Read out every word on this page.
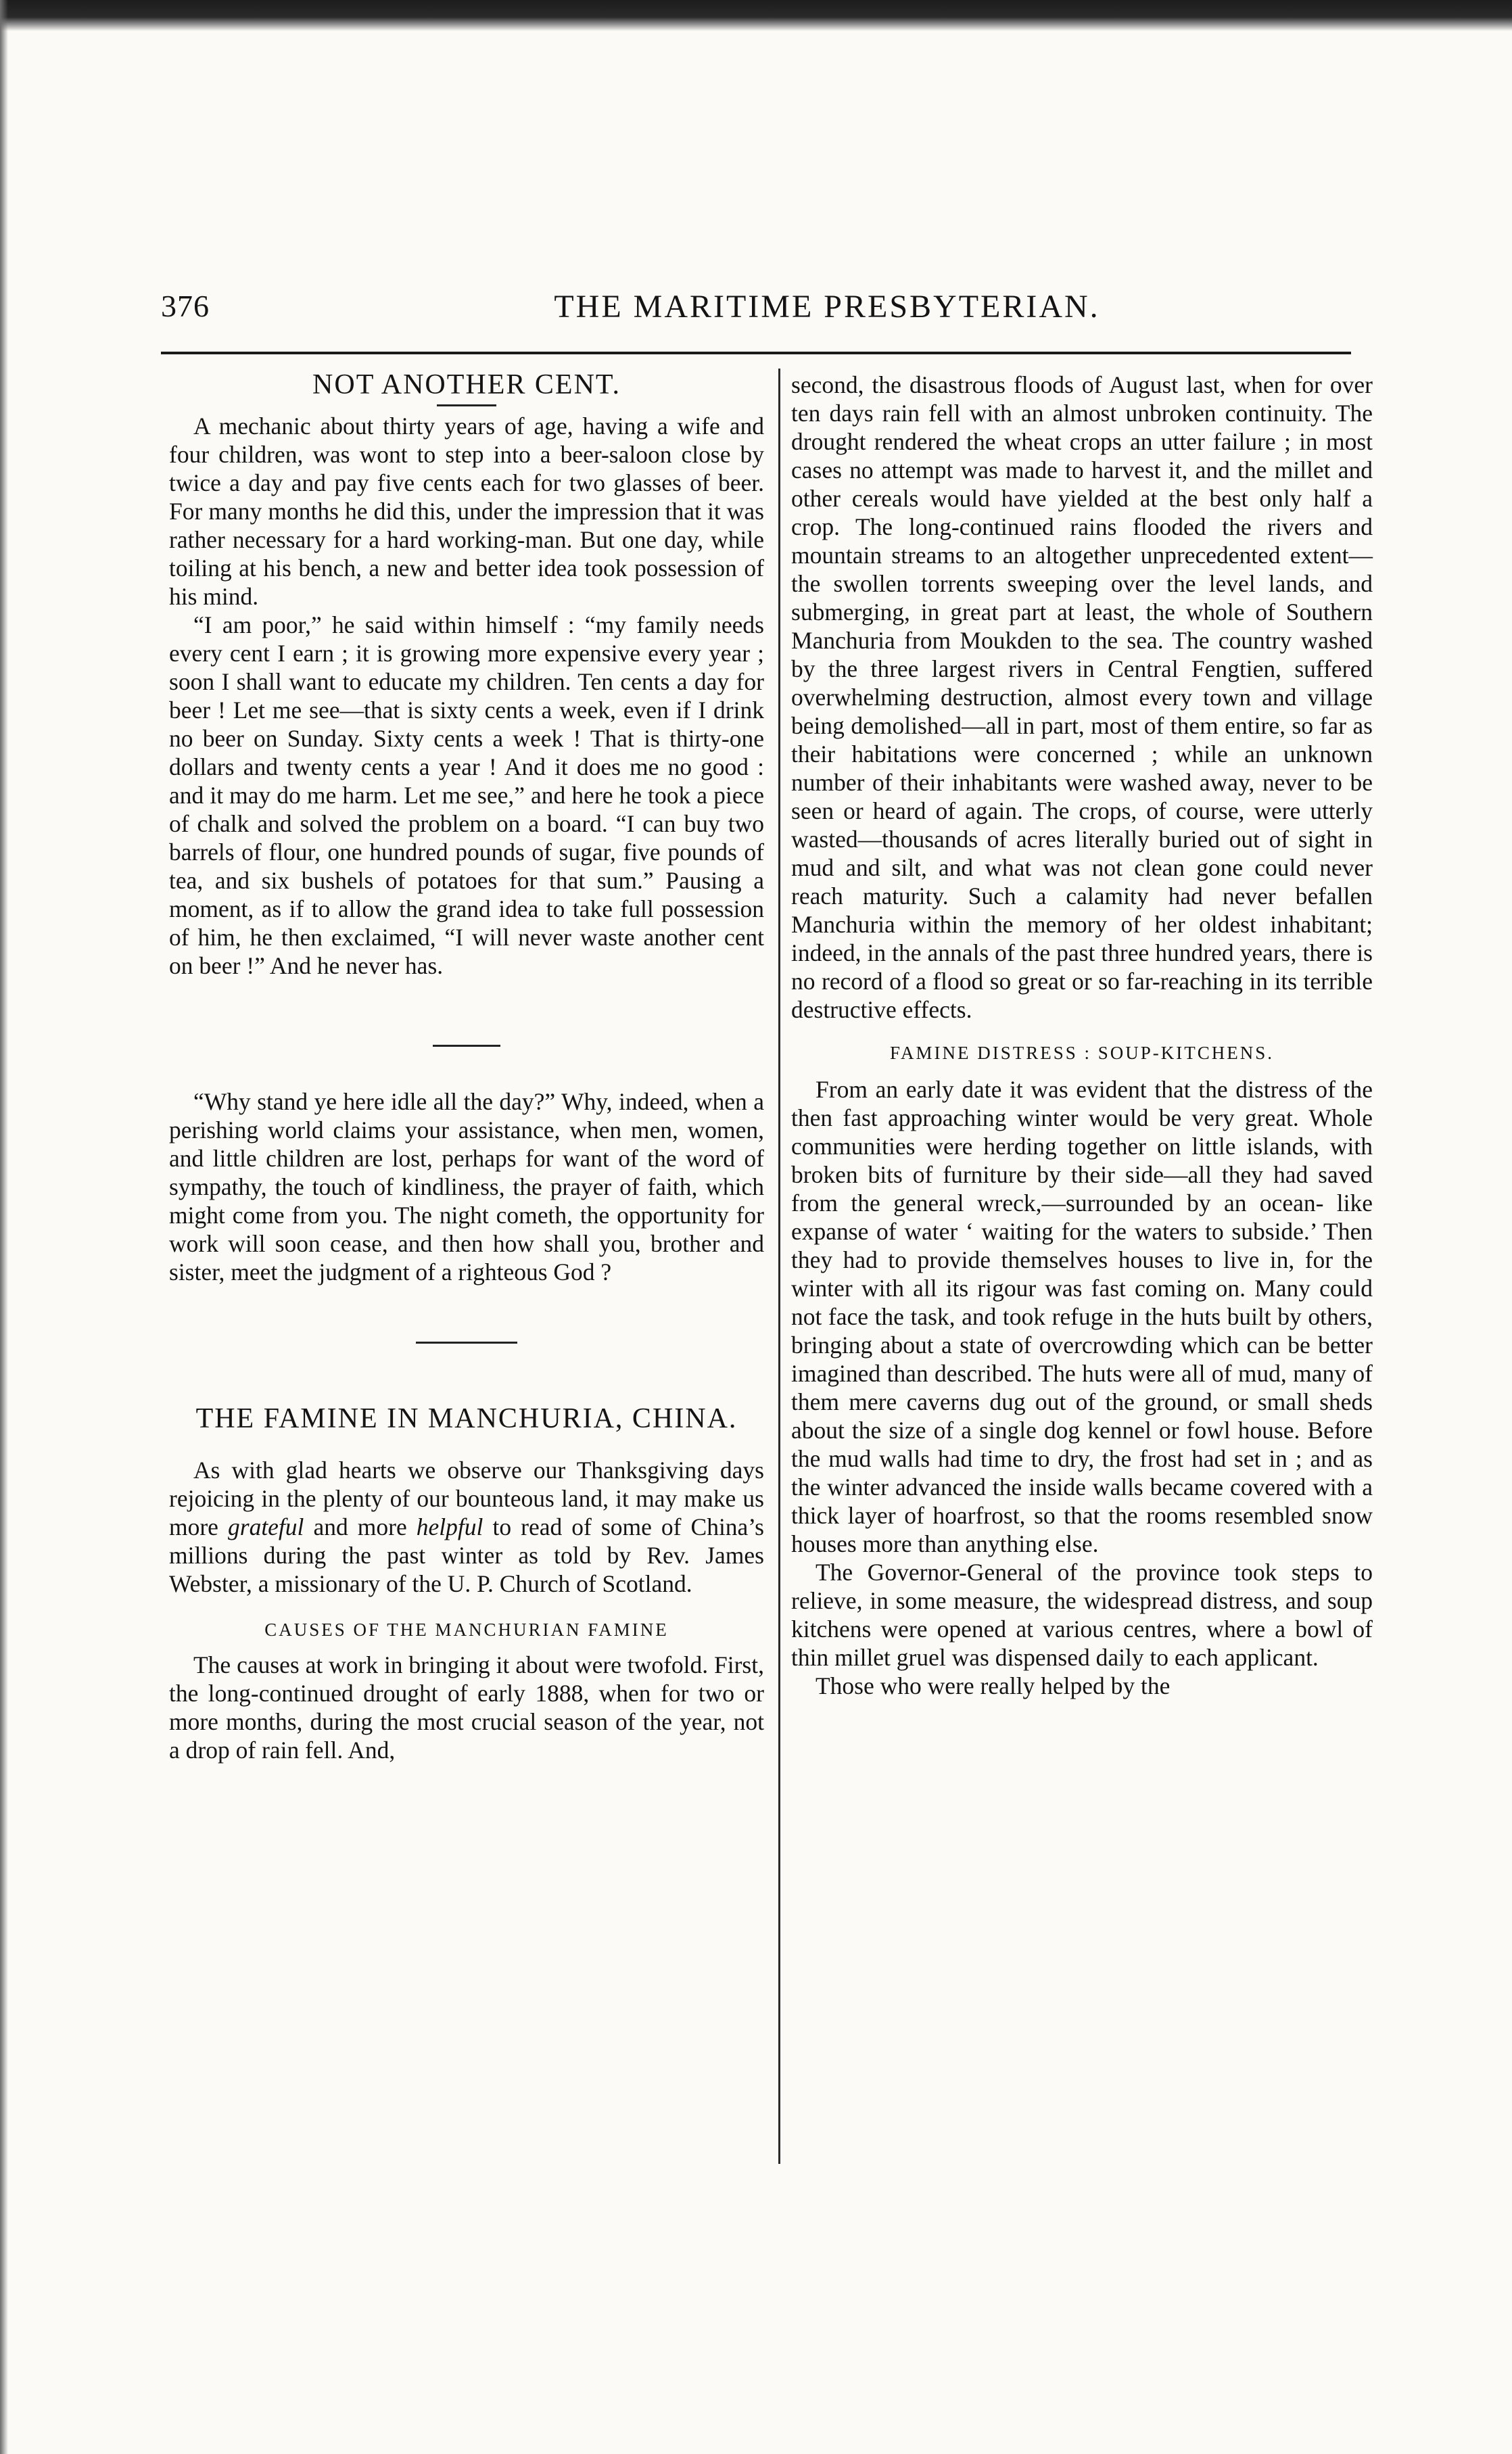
376	THE MARITIME PRESBYTERIAN.
NOT ANOTHER CENT.

A mechanic about thirty years of age, having a wife and four children, was wont to step into a beer-saloon close by twice a day and pay five cents each for two glasses of beer. For many months he did this, under the impression that it was rather necessary for a hard working-man. But one day, while toiling at his bench, a new and better idea took possession of his mind.

“I am poor,” he said within himself : “my family needs every cent I earn ; it is growing more expensive every year ; soon I shall want to educate my children. Ten cents a day for beer ! Let me see—that is sixty cents a week, even if I drink no beer on Sunday. Sixty cents a week ! That is thirty-one dollars and twenty cents a year ! And it does me no good : and it may do me harm. Let me see,” and here he took a piece of chalk and solved the problem on a board. “I can buy two barrels of flour, one hundred pounds of sugar, five pounds of tea, and six bushels of potatoes for that sum.” Pausing a moment, as if to allow the grand idea to take full possession of him, he then exclaimed, “I will never waste another cent on beer !” And he never has.

“Why stand ye here idle all the day?” Why, indeed, when a perishing world claims your assistance, when men, women, and little children are lost, perhaps for want of the word of sympathy, the touch of kindliness, the prayer of faith, which might come from you. The night cometh, the opportunity for work will soon cease, and then how shall you, brother and sister, meet the judgment of a righteous God ?

THE FAMINE IN MANCHURIA, CHINA.

As with glad hearts we observe our Thanksgiving days rejoicing in the plenty of our bounteous land, it may make us more grateful and more helpful to read of some of China’s millions during the past winter as told by Rev. James Webster, a missionary of the U. P. Church of Scotland.

CAUSES OF THE MANCHURIAN FAMINE

The causes at work in bringing it about were twofold. First, the long-continued drought of early 1888, when for two or more months, during the most crucial season of the year, not a drop of rain fell. And,

second, the disastrous floods of August last, when for over ten days rain fell with an almost unbroken continuity. The drought rendered the wheat crops an utter failure ; in most cases no attempt was made to harvest it, and the millet and other cereals would have yielded at the best only half a crop. The long-continued rains flooded the rivers and mountain streams to an altogether unprecedented extent—the swollen torrents sweeping over the level lands, and submerging, in great part at least, the whole of Southern Manchuria from Moukden to the sea. The country washed by the three largest rivers in Central Fengtien, suffered overwhelming destruction, almost every town and village being demolished—all in part, most of them entire, so far as their habitations were concerned ; while an unknown number of their inhabitants were washed away, never to be seen or heard of again. The crops, of course, were utterly wasted—thousands of acres literally buried out of sight in mud and silt, and what was not clean gone could never reach maturity. Such a calamity had never befallen Manchuria within the memory of her oldest inhabitant; indeed, in the annals of the past three hundred years, there is no record of a flood so great or so far-reaching in its terrible destructive effects.

FAMINE DISTRESS : SOUP-KITCHENS.

From an early date it was evident that the distress of the then fast approaching winter would be very great. Whole communities were herding together on little islands, with broken bits of furniture by their side—all they had saved from the general wreck,—surrounded by an ocean- like expanse of water ‘ waiting for the waters to subside.’ Then they had to provide themselves houses to live in, for the winter with all its rigour was fast coming on. Many could not face the task, and took refuge in the huts built by others, bringing about a state of overcrowding which can be better imagined than described. The huts were all of mud, many of them mere caverns dug out of the ground, or small sheds about the size of a single dog kennel or fowl house. Before the mud walls had time to dry, the frost had set in ; and as the winter advanced the inside walls became covered with a thick layer of hoarfrost, so that the rooms resembled snow houses more than anything else.

The Governor-General of the province took steps to relieve, in some measure, the widespread distress, and soup kitchens were opened at various centres, where a bowl of thin millet gruel was dispensed daily to each applicant.

Those who were really helped by the
